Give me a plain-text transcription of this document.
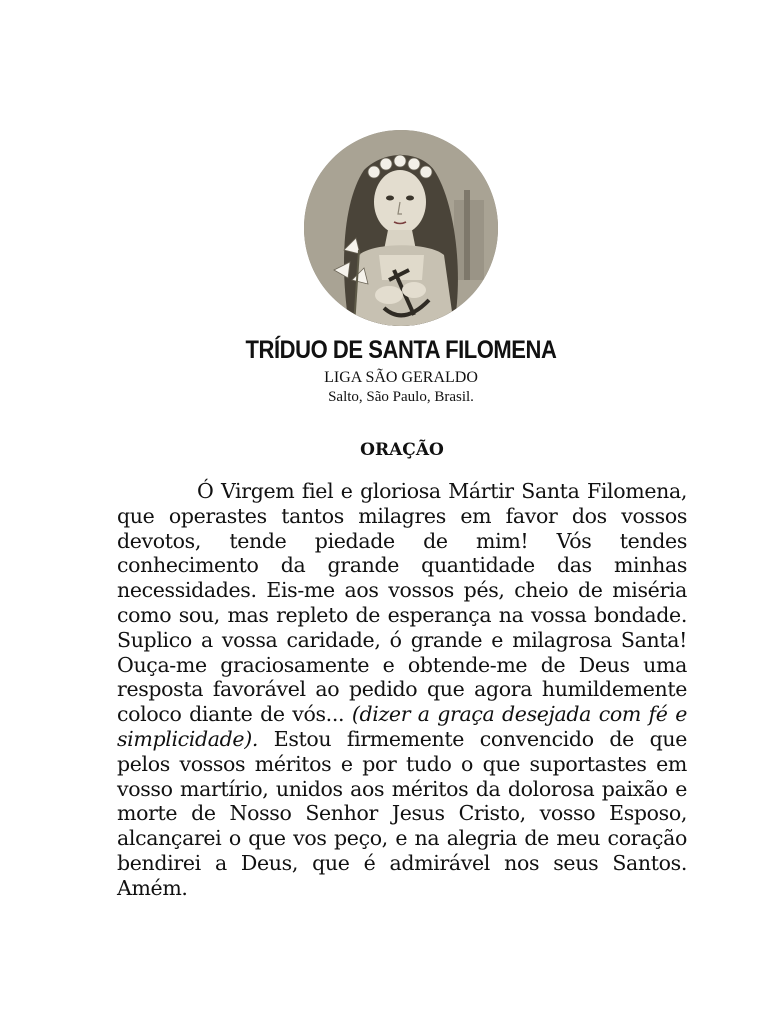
TRÍDUO DE SANTA FILOMENA
LIGA SÃO GERALDO
Salto, São Paulo, Brasil.
ORAÇÃO

Ó Virgem fiel e gloriosa Mártir Santa Filomena, que operastes tantos milagres em favor dos vossos devotos, tende piedade de mim! Vós tendes conhecimento da grande quantidade das minhas necessidades. Eis-me aos vossos pés, cheio de miséria como sou, mas repleto de esperança na vossa bondade. Suplico a vossa caridade, ó grande e milagrosa Santa! Ouça-me graciosamente e obtende-me de Deus uma resposta favorável ao pedido que agora humildemente coloco diante de vós... (dizer a graça desejada com fé e simplicidade). Estou firmemente convencido de que pelos vossos méritos e por tudo o que suportastes em vosso martírio, unidos aos méritos da dolorosa paixão e morte de Nosso Senhor Jesus Cristo, vosso Esposo, alcançarei o que vos peço, e na alegria de meu coração bendirei a Deus, que é admirável nos seus Santos. Amém.
